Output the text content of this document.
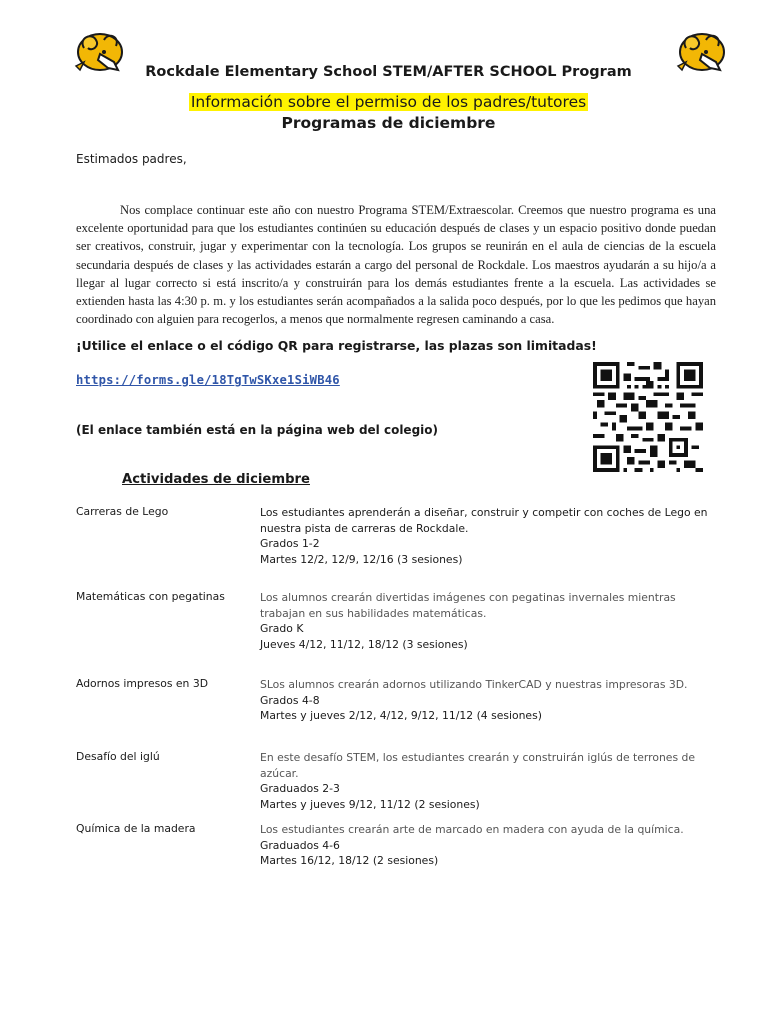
Rockdale Elementary School STEM/AFTER SCHOOL Program
Información sobre el permiso de los padres/tutores
Programas de diciembre
Estimados padres,
Nos complace continuar este año con nuestro Programa STEM/Extraescolar. Creemos que nuestro programa es una excelente oportunidad para que los estudiantes continúen su educación después de clases y un espacio positivo donde puedan ser creativos, construir, jugar y experimentar con la tecnología. Los grupos se reunirán en el aula de ciencias de la escuela secundaria después de clases y las actividades estarán a cargo del personal de Rockdale. Los maestros ayudarán a su hijo/a a llegar al lugar correcto si está inscrito/a y construirán para los demás estudiantes frente a la escuela. Las actividades se extienden hasta las 4:30 p. m. y los estudiantes serán acompañados a la salida poco después, por lo que les pedimos que hayan coordinado con alguien para recogerlos, a menos que normalmente regresen caminando a casa.
¡Utilice el enlace o el código QR para registrarse, las plazas son limitadas!
https://forms.gle/18TgTwSKxe1SiWB46
(El enlace también está en la página web del colegio)
Actividades de diciembre
Carreras de Lego	Los estudiantes aprenderán a diseñar, construir y competir con coches de Lego en nuestra pista de carreras de Rockdale.
Grados 1-2
Martes 12/2, 12/9, 12/16 (3 sesiones)
Matemáticas con pegatinas	Los alumnos crearán divertidas imágenes con pegatinas invernales mientras trabajan en sus habilidades matemáticas.
Grado K
Jueves 4/12, 11/12, 18/12 (3 sesiones)
Adornos impresos en 3D	SLos alumnos crearán adornos utilizando TinkerCAD y nuestras impresoras 3D.
Grados 4-8
Martes y jueves 2/12, 4/12, 9/12, 11/12 (4 sesiones)
Desafío del iglú	En este desafío STEM, los estudiantes crearán y construirán iglús de terrones de azúcar.
Graduados 2-3
Martes y jueves 9/12, 11/12 (2 sesiones)
Química de la madera	Los estudiantes crearán arte de marcado en madera con ayuda de la química.
Graduados 4-6
Martes 16/12, 18/12 (2 sesiones)
